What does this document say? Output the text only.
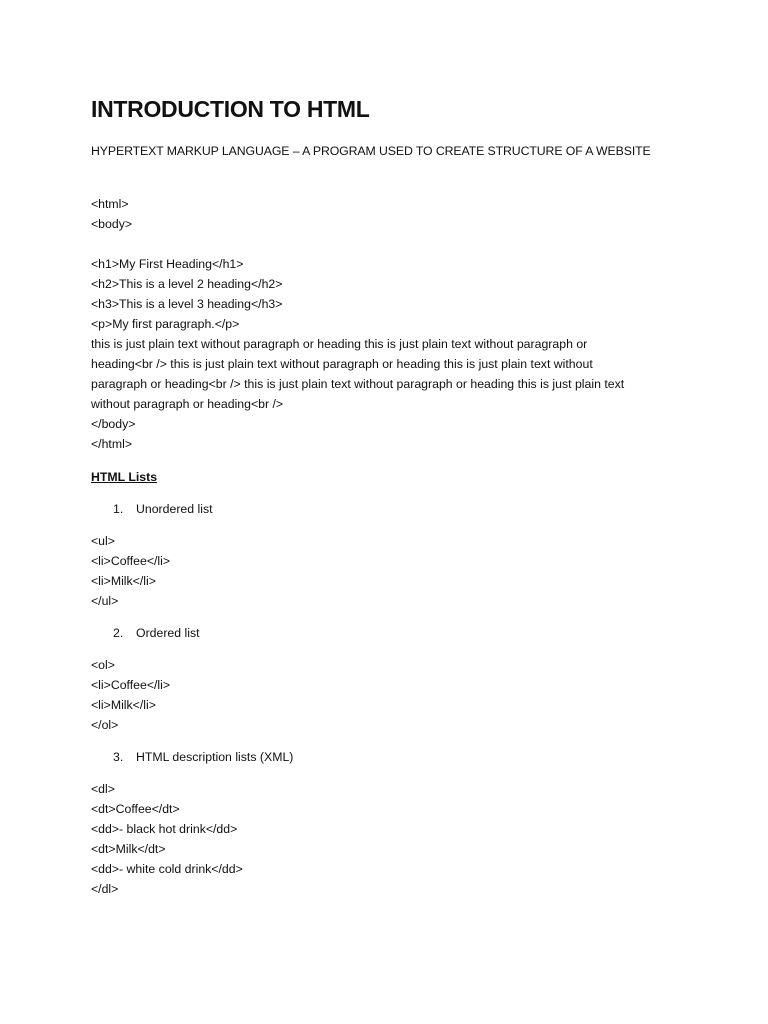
INTRODUCTION TO HTML
HYPERTEXT MARKUP LANGUAGE – A PROGRAM USED TO CREATE STRUCTURE OF A WEBSITE
<html>
<body>
<h1>My First Heading</h1>
<h2>This is a level 2 heading</h2>
<h3>This is a level 3 heading</h3>
<p>My first paragraph.</p>
this is just plain text without paragraph or heading this is just plain text without paragraph or
heading<br /> this is just plain text without paragraph or heading this is just plain text without
paragraph or heading<br /> this is just plain text without paragraph or heading this is just plain text
without paragraph or heading<br />
</body>
</html>
HTML Lists
1. Unordered list
<ul>
<li>Coffee</li>
<li>Milk</li>
</ul>
2. Ordered list
<ol>
<li>Coffee</li>
<li>Milk</li>
</ol>
3. HTML description lists (XML)
<dl>
<dt>Coffee</dt>
<dd>- black hot drink</dd>
<dt>Milk</dt>
<dd>- white cold drink</dd>
</dl>
